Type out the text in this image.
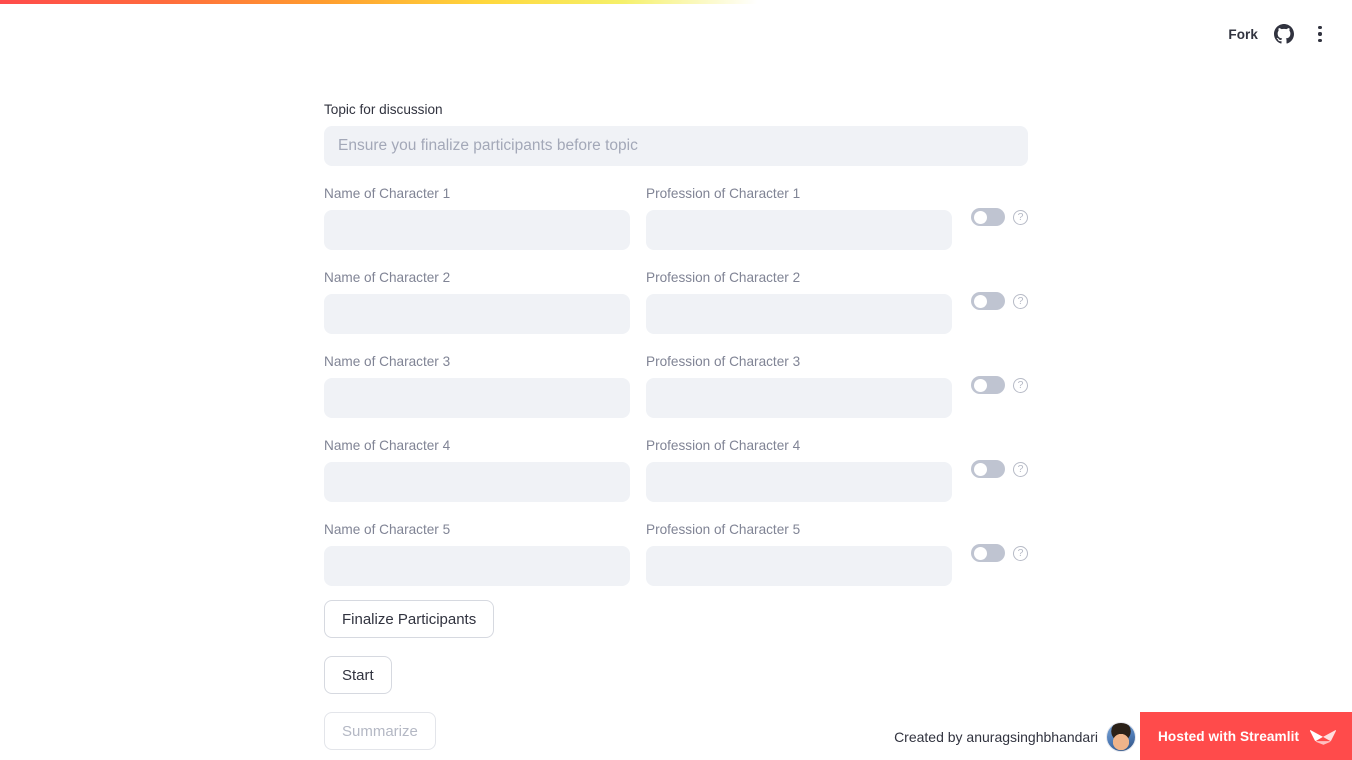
Fork
Topic for discussion
Ensure you finalize participants before topic
Name of Character 1	Profession of Character 1
?
Name of Character 2	Profession of Character 2
?
Name of Character 3	Profession of Character 3
?
Name of Character 4	Profession of Character 4
?
Name of Character 5	Profession of Character 5
?
Finalize Participants
Start
Summarize	Created by anuragsinghbhandari	Hosted with Streamlit
